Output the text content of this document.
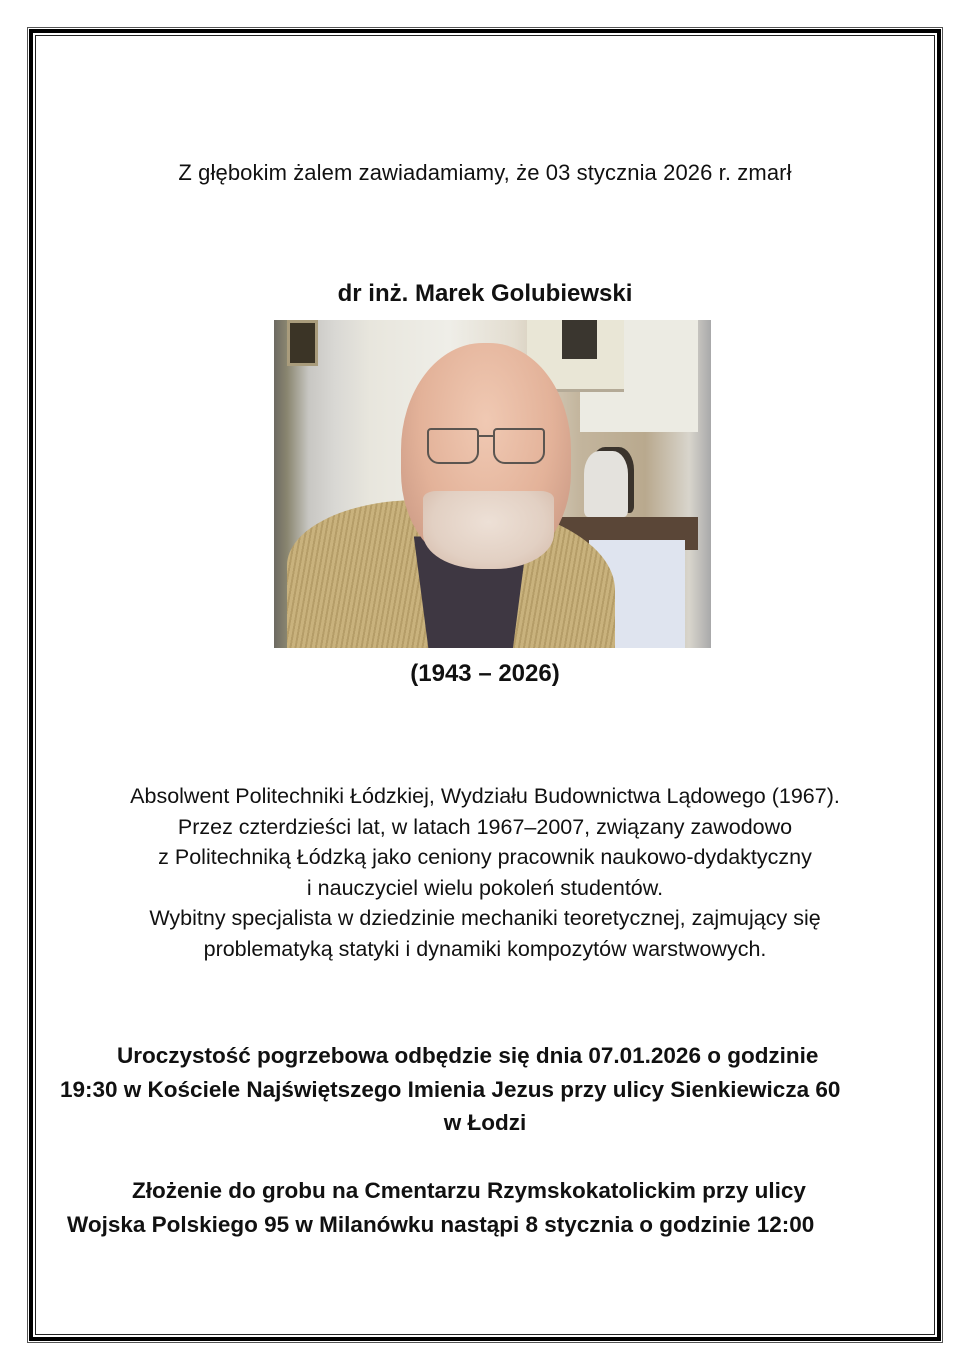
Z głębokim żalem zawiadamiamy, że 03 stycznia 2026 r. zmarł
dr inż. Marek Golubiewski
(1943 – 2026)
Absolwent Politechniki Łódzkiej, Wydziału Budownictwa Lądowego (1967).
Przez czterdzieści lat, w latach 1967–2007, związany zawodowo
z Politechniką Łódzką jako ceniony pracownik naukowo-dydaktyczny
i nauczyciel wielu pokoleń studentów.
Wybitny specjalista w dziedzinie mechaniki teoretycznej, zajmujący się
problematyką statyki i dynamiki kompozytów warstwowych.
Uroczystość pogrzebowa odbędzie się dnia 07.01.2026 o godzinie
19:30 w Kościele Najświętszego Imienia Jezus przy ulicy Sienkiewicza 60
w Łodzi
Złożenie do grobu na Cmentarzu Rzymskokatolickim przy ulicy
Wojska Polskiego 95 w Milanówku nastąpi 8 stycznia o godzinie 12:00
